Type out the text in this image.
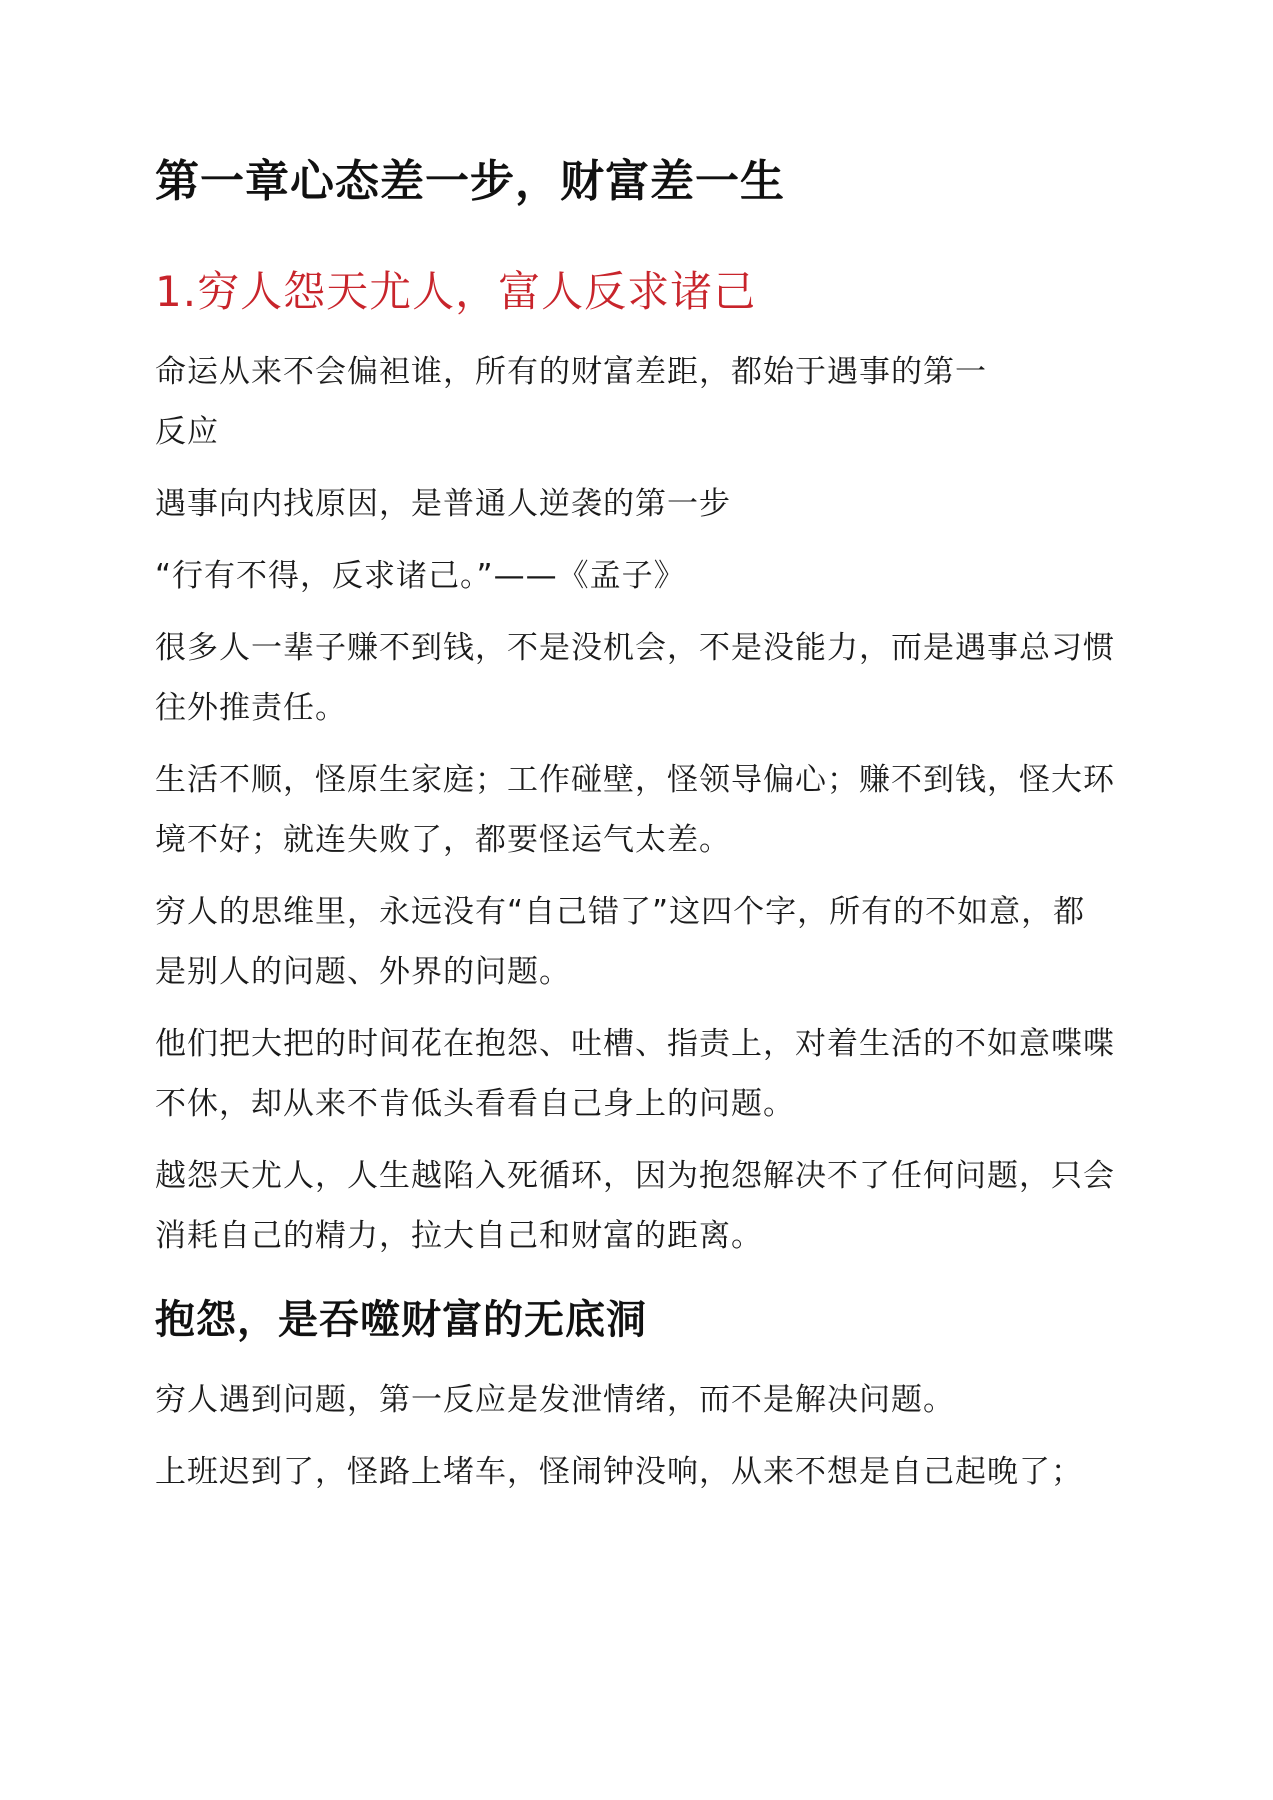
第一章心态差一步，财富差一生
1.穷人怨天尤人，富人反求诸己

命运从来不会偏袒谁，所有的财富差距，都始于遇事的第一反应

遇事向内找原因，是普通人逆袭的第一步

“行有不得，反求诸己。”——《孟子》

很多人一辈子赚不到钱，不是没机会，不是没能力，而是遇事总习惯往外推责任。

生活不顺，怪原生家庭；工作碰壁，怪领导偏心；赚不到钱，怪大环境不好；就连失败了，都要怪运气太差。

穷人的思维里，永远没有“自己错了”这四个字，所有的不如意，都是别人的问题、外界的问题。

他们把大把的时间花在抱怨、吐槽、指责上，对着生活的不如意喋喋不休，却从来不肯低头看看自己身上的问题。

越怨天尤人，人生越陷入死循环，因为抱怨解决不了任何问题，只会消耗自己的精力，拉大自己和财富的距离。

抱怨，是吞噬财富的无底洞

穷人遇到问题，第一反应是发泄情绪，而不是解决问题。

上班迟到了，怪路上堵车，怪闹钟没响，从来不想是自己起晚了；
